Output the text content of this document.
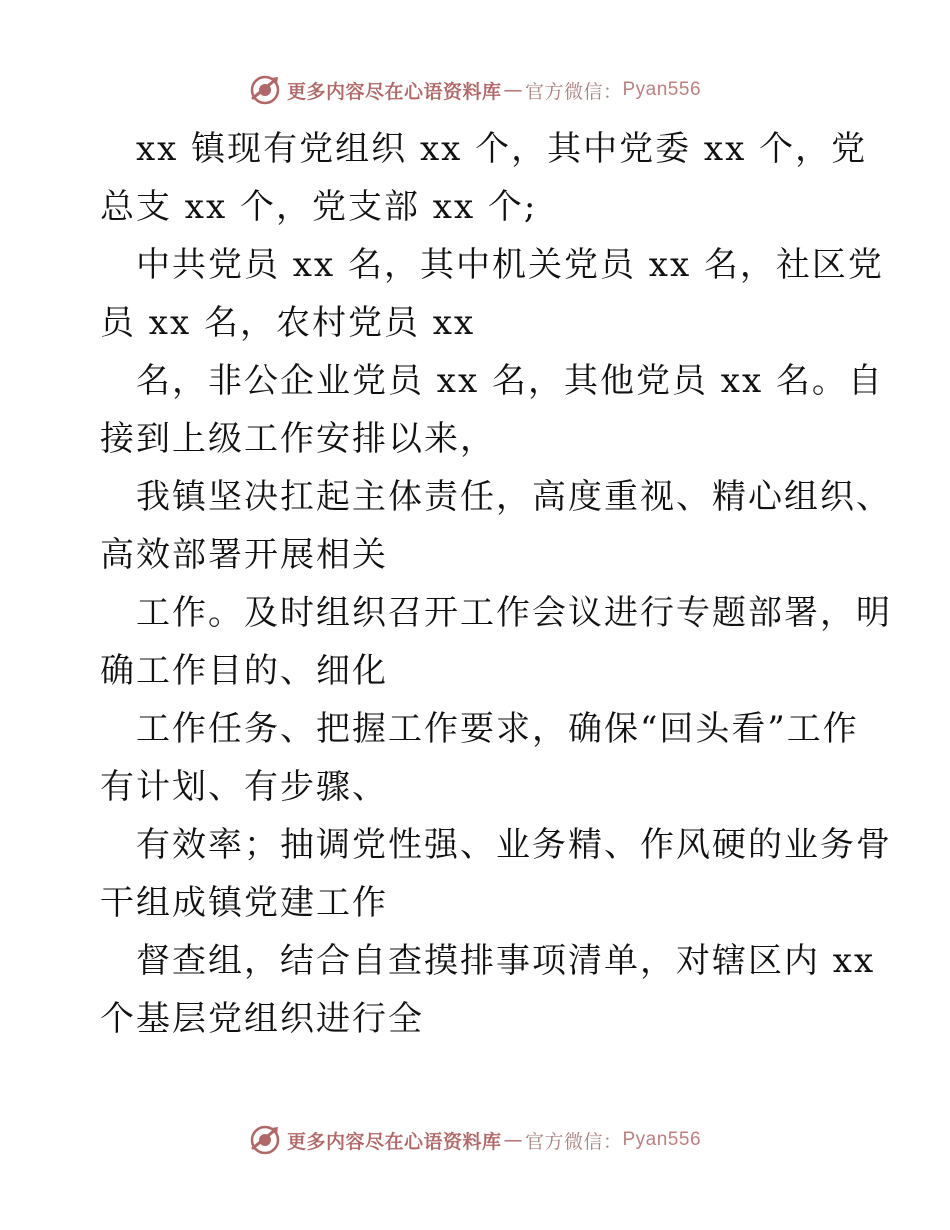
更多内容尽在心语资料库 — 官方微信： Pyan556
xx 镇现有党组织 xx 个，其中党委 xx 个，党
总支 xx 个，党支部 xx 个;
中共党员 xx 名，其中机关党员 xx 名，社区党
员 xx 名，农村党员 xx
名，非公企业党员 xx 名，其他党员 xx 名。自
接到上级工作安排以来，
我镇坚决扛起主体责任，高度重视、精心组织、
高效部署开展相关
工作。及时组织召开工作会议进行专题部署，明
确工作目的、细化
工作任务、把握工作要求，确保“回头看”工作
有计划、有步骤、
有效率；抽调党性强、业务精、作风硬的业务骨
干组成镇党建工作
督查组，结合自查摸排事项清单，对辖区内 xx
个基层党组织进行全
更多内容尽在心语资料库 — 官方微信： Pyan556
